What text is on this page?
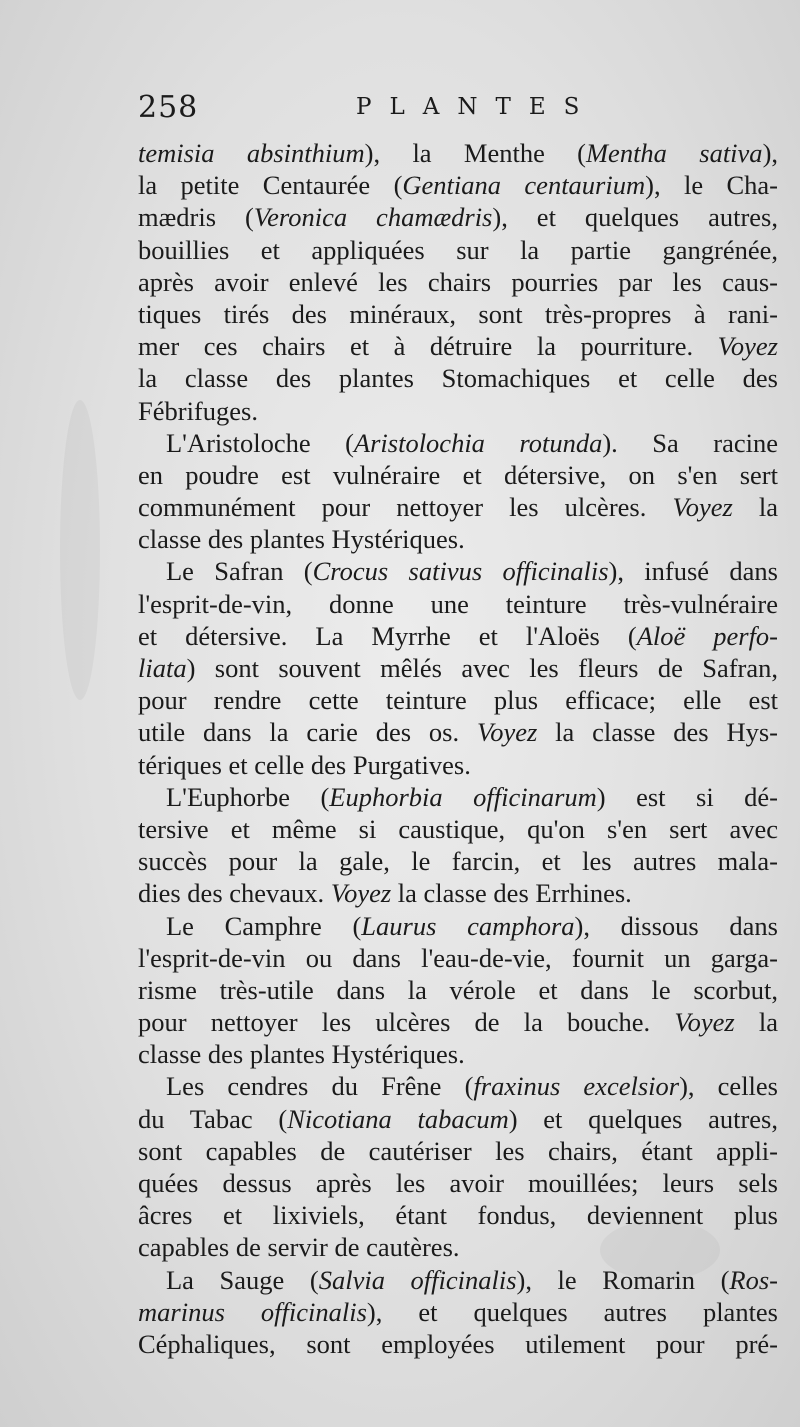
258	PLANTES
temisia absinthium), la Menthe (Mentha sativa),
la petite Centaurée (Gentiana centaurium), le Cha-
mædris (Veronica chamædris), et quelques autres,
bouillies et appliquées sur la partie gangrénée,
après avoir enlevé les chairs pourries par les caus-
tiques tirés des minéraux, sont très-propres à rani-
mer ces chairs et à détruire la pourriture. Voyez
la classe des plantes Stomachiques et celle des
Fébrifuges.
L'Aristoloche (Aristolochia rotunda). Sa racine
en poudre est vulnéraire et détersive, on s'en sert
communément pour nettoyer les ulcères. Voyez la
classe des plantes Hystériques.
Le Safran (Crocus sativus officinalis), infusé dans
l'esprit-de-vin, donne une teinture très-vulnéraire
et détersive. La Myrrhe et l'Aloës (Aloë perfo-
liata) sont souvent mêlés avec les fleurs de Safran,
pour rendre cette teinture plus efficace; elle est
utile dans la carie des os. Voyez la classe des Hys-
tériques et celle des Purgatives.
L'Euphorbe (Euphorbia officinarum) est si dé-
tersive et même si caustique, qu'on s'en sert avec
succès pour la gale, le farcin, et les autres mala-
dies des chevaux. Voyez la classe des Errhines.
Le Camphre (Laurus camphora), dissous dans
l'esprit-de-vin ou dans l'eau-de-vie, fournit un garga-
risme très-utile dans la vérole et dans le scorbut,
pour nettoyer les ulcères de la bouche. Voyez la
classe des plantes Hystériques.
Les cendres du Frêne (fraxinus excelsior), celles
du Tabac (Nicotiana tabacum) et quelques autres,
sont capables de cautériser les chairs, étant appli-
quées dessus après les avoir mouillées; leurs sels
âcres et lixiviels, étant fondus, deviennent plus
capables de servir de cautères.
La Sauge (Salvia officinalis), le Romarin (Ros-
marinus officinalis), et quelques autres plantes
Céphaliques, sont employées utilement pour pré-
